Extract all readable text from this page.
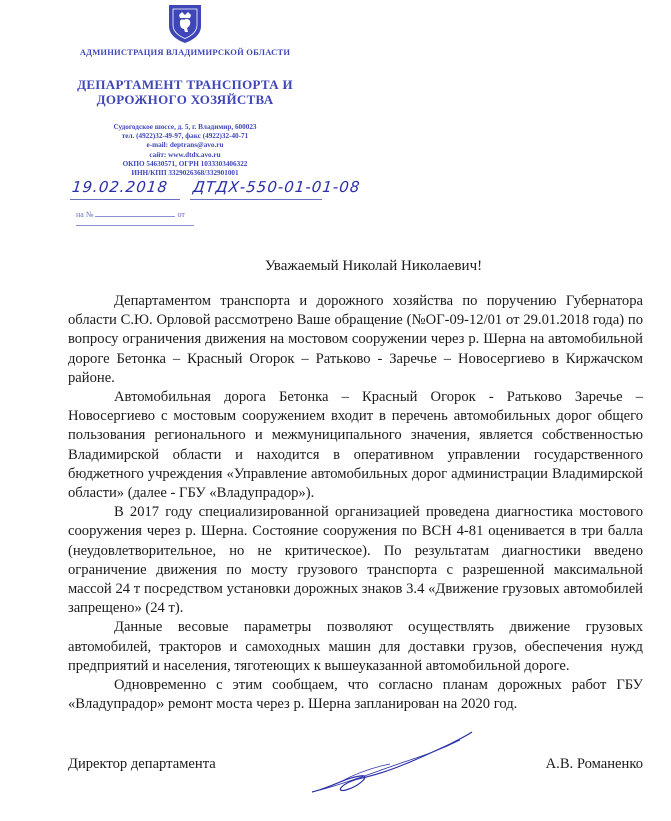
АДМИНИСТРАЦИЯ ВЛАДИМИРСКОЙ ОБЛАСТИ
ДЕПАРТАМЕНТ ТРАНСПОРТА И ДОРОЖНОГО ХОЗЯЙСТВА
Судогодское шоссе, д. 5, г. Владимир, 600023
тел. (4922)32-49-97, факс (4922)32-40-71
e-mail: deptrans@avo.ru
сайт: www.dtdx.avo.ru
ОКПО 54630571, ОГРН 1033303406322
ИНН/КПП 3329026368/332901001
19.02.2018 ДТДХ-550-01-01-08
на №	от
Уважаемый Николай Николаевич!

Департаментом транспорта и дорожного хозяйства по поручению Губернатора области С.Ю. Орловой рассмотрено Ваше обращение (№ОГ-09-12/01 от 29.01.2018 года) по вопросу ограничения движения на мостовом сооружении через р. Шерна на автомобильной дороге Бетонка – Красный Огорок – Ратьково - Заречье – Новосергиево в Киржачском районе.

Автомобильная дорога Бетонка – Красный Огорок - Ратьково Заречье – Новосергиево с мостовым сооружением входит в перечень автомобильных дорог общего пользования регионального и межмуниципального значения, является собственностью Владимирской области и находится в оперативном управлении государственного бюджетного учреждения «Управление автомобильных дорог администрации Владимирской области» (далее - ГБУ «Владупрадор»).

В 2017 году специализированной организацией проведена диагностика мостового сооружения через р. Шерна. Состояние сооружения по ВСН 4-81 оценивается в три балла (неудовлетворительное, но не критическое). По результатам диагностики введено ограничение движения по мосту грузового транспорта с разрешенной максимальной массой 24 т посредством установки дорожных знаков 3.4 «Движение грузовых автомобилей запрещено» (24 т).

Данные весовые параметры позволяют осуществлять движение грузовых автомобилей, тракторов и самоходных машин для доставки грузов, обеспечения нужд предприятий и населения, тяготеющих к вышеуказанной автомобильной дороге.

Одновременно с этим сообщаем, что согласно планам дорожных работ ГБУ «Владупрадор» ремонт моста через р. Шерна запланирован на 2020 год.

Директор департамента	А.В. Романенко
